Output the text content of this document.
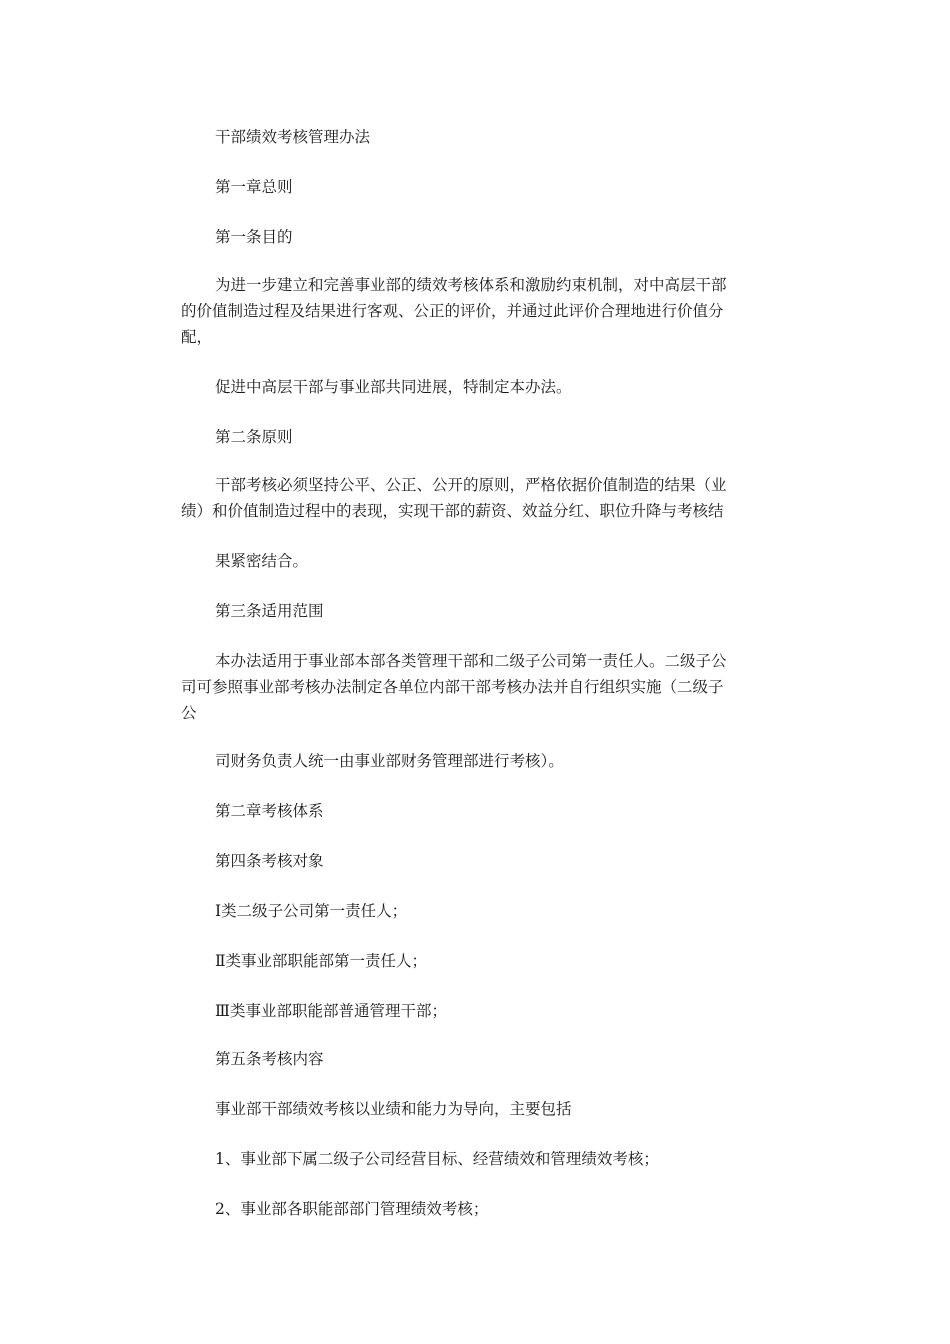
干部绩效考核管理办法
第一章总则
第一条目的
为进一步建立和完善事业部的绩效考核体系和激励约束机制，对中高层干部
的价值制造过程及结果进行客观、公正的评价，并通过此评价合理地进行价值分
配，
促进中高层干部与事业部共同进展，特制定本办法。
第二条原则
干部考核必须坚持公平、公正、公开的原则，严格依据价值制造的结果（业
绩）和价值制造过程中的表现，实现干部的薪资、效益分红、职位升降与考核结
果紧密结合。
第三条适用范围
本办法适用于事业部本部各类管理干部和二级子公司第一责任人。二级子公
司可参照事业部考核办法制定各单位内部干部考核办法并自行组织实施（二级子
公
司财务负责人统一由事业部财务管理部进行考核）。
第二章考核体系
第四条考核对象
Ⅰ类二级子公司第一责任人；
Ⅱ类事业部职能部第一责任人；
Ⅲ类事业部职能部普通管理干部；
第五条考核内容
事业部干部绩效考核以业绩和能力为导向，主要包括
1、事业部下属二级子公司经营目标、经营绩效和管理绩效考核；
2、事业部各职能部部门管理绩效考核；
